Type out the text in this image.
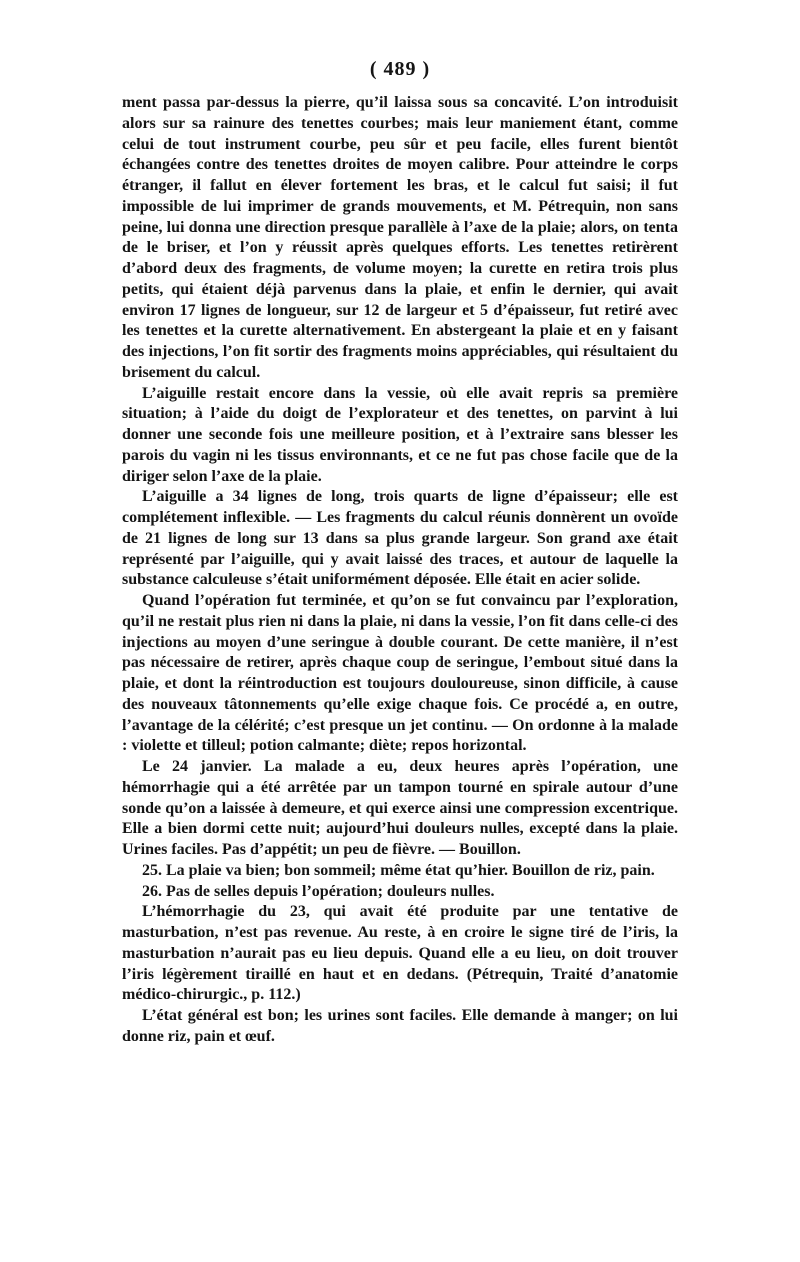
( 489 )

ment passa par-dessus la pierre, qu’il laissa sous sa concavité. L’on introduisit alors sur sa rainure des tenettes courbes; mais leur maniement étant, comme celui de tout instrument courbe, peu sûr et peu facile, elles furent bientôt échangées contre des tenettes droites de moyen calibre. Pour atteindre le corps étranger, il fallut en élever fortement les bras, et le calcul fut saisi; il fut impossible de lui imprimer de grands mouvements, et M. Pétrequin, non sans peine, lui donna une direction presque parallèle à l’axe de la plaie; alors, on tenta de le briser, et l’on y réussit après quelques efforts. Les tenettes retirèrent d’abord deux des fragments, de volume moyen; la curette en retira trois plus petits, qui étaient déjà parvenus dans la plaie, et enfin le dernier, qui avait environ 17 lignes de longueur, sur 12 de largeur et 5 d’épaisseur, fut retiré avec les tenettes et la curette alternativement. En abstergeant la plaie et en y faisant des injections, l’on fit sortir des fragments moins appréciables, qui résultaient du brisement du calcul.

L’aiguille restait encore dans la vessie, où elle avait repris sa première situation; à l’aide du doigt de l’explorateur et des tenettes, on parvint à lui donner une seconde fois une meilleure position, et à l’extraire sans blesser les parois du vagin ni les tissus environnants, et ce ne fut pas chose facile que de la diriger selon l’axe de la plaie.

L’aiguille a 34 lignes de long, trois quarts de ligne d’épaisseur; elle est complétement inflexible. — Les fragments du calcul réunis donnèrent un ovoïde de 21 lignes de long sur 13 dans sa plus grande largeur. Son grand axe était représenté par l’aiguille, qui y avait laissé des traces, et autour de laquelle la substance calculeuse s’était uniformément déposée. Elle était en acier solide.

Quand l’opération fut terminée, et qu’on se fut convaincu par l’exploration, qu’il ne restait plus rien ni dans la plaie, ni dans la vessie, l’on fit dans celle-ci des injections au moyen d’une seringue à double courant. De cette manière, il n’est pas nécessaire de retirer, après chaque coup de seringue, l’embout situé dans la plaie, et dont la réintroduction est toujours douloureuse, sinon difficile, à cause des nouveaux tâtonnements qu’elle exige chaque fois. Ce procédé a, en outre, l’avantage de la célérité; c’est presque un jet continu. — On ordonne à la malade : violette et tilleul; potion calmante; diète; repos horizontal.

Le 24 janvier. La malade a eu, deux heures après l’opération, une hémorrhagie qui a été arrêtée par un tampon tourné en spirale autour d’une sonde qu’on a laissée à demeure, et qui exerce ainsi une compression excentrique. Elle a bien dormi cette nuit; aujourd’hui douleurs nulles, excepté dans la plaie. Urines faciles. Pas d’appétit; un peu de fièvre. — Bouillon.

25. La plaie va bien; bon sommeil; même état qu’hier. Bouillon de riz, pain.

26. Pas de selles depuis l’opération; douleurs nulles.

L’hémorrhagie du 23, qui avait été produite par une tentative de masturbation, n’est pas revenue. Au reste, à en croire le signe tiré de l’iris, la masturbation n’aurait pas eu lieu depuis. Quand elle a eu lieu, on doit trouver l’iris légèrement tiraillé en haut et en dedans. (Pétrequin, Traité d’anatomie médico-chirurgic., p. 112.)

L’état général est bon; les urines sont faciles. Elle demande à manger; on lui donne riz, pain et œuf.
